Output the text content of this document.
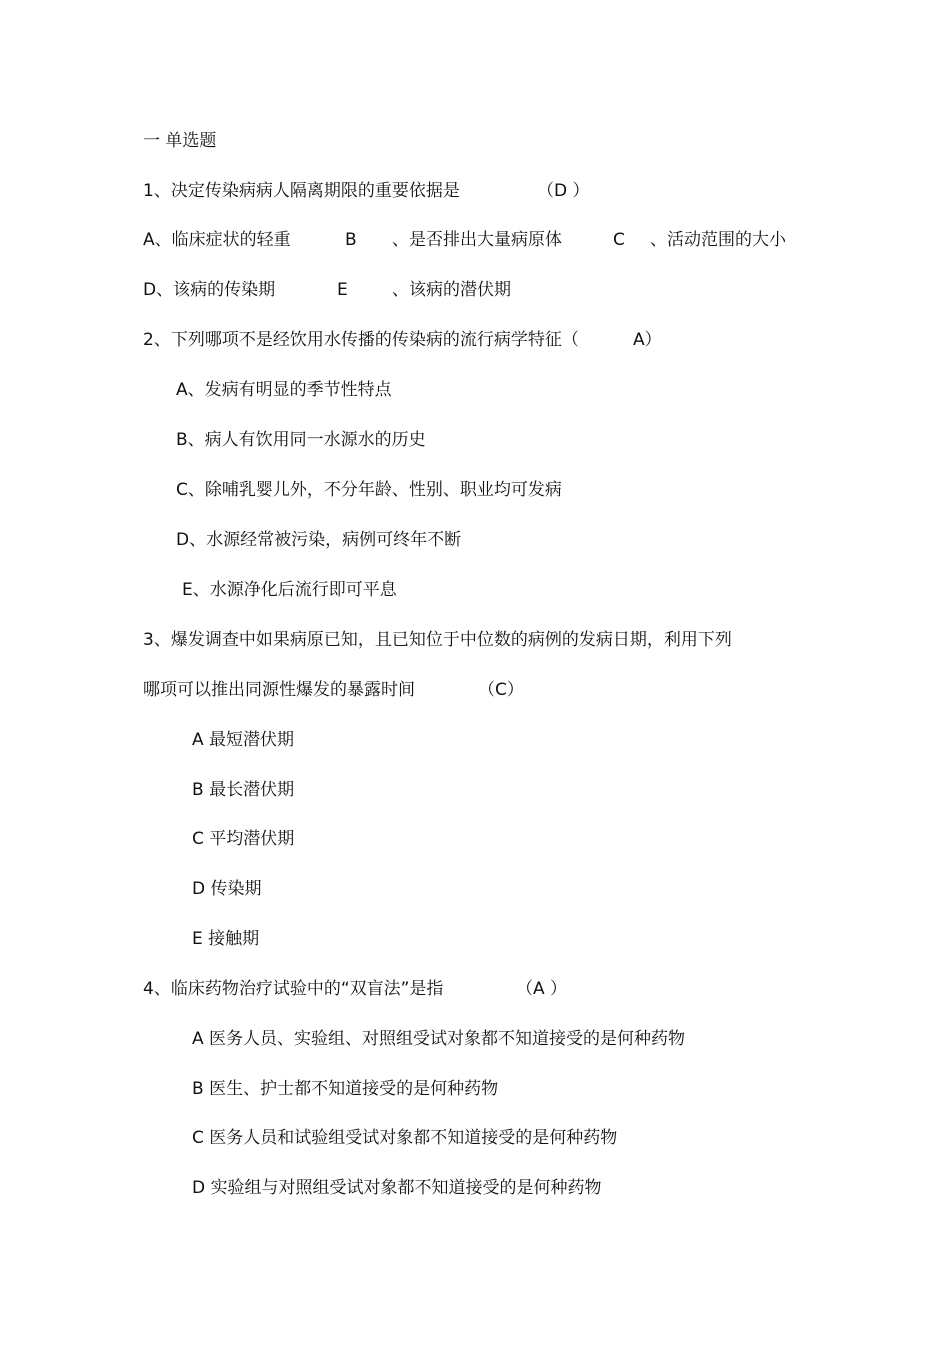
一 单选题
1、决定传染病病人隔离期限的重要依据是	（D ）
A、临床症状的轻重	B 、是否排出大量病原体	C 、活动范围的大小
D、该病的传染期	E	、该病的潜伏期
2、下列哪项不是经饮用水传播的传染病的流行病学特征（	A）
A、发病有明显的季节性特点
B、病人有饮用同一水源水的历史
C、除哺乳婴儿外，不分年龄、性别、职业均可发病
D、水源经常被污染，病例可终年不断
E、水源净化后流行即可平息
3、爆发调查中如果病原已知，且已知位于中位数的病例的发病日期，利用下列
哪项可以推出同源性爆发的暴露时间	（C）
A 最短潜伏期
B 最长潜伏期
C 平均潜伏期
D 传染期
E 接触期
4、临床药物治疗试验中的“双盲法”是指	（A ）
A 医务人员、实验组、对照组受试对象都不知道接受的是何种药物
B 医生、护士都不知道接受的是何种药物
C 医务人员和试验组受试对象都不知道接受的是何种药物
D 实验组与对照组受试对象都不知道接受的是何种药物
